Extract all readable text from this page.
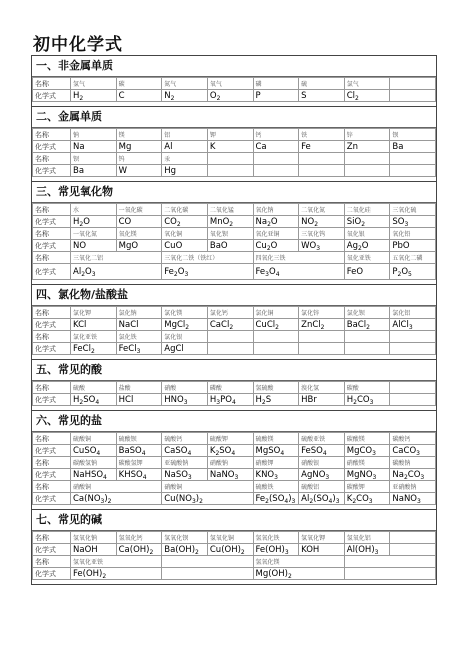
初中化学式
一、非金属单质
名称	氢气	碳	氮气	氧气	磷	硫	氯气	
化学式	$H_2$	C	$N_2$	$O_2$	P	S	$Cl_2$	
二、金属单质
名称	钠	镁	铝	钾	钙	铁	锌	钡
化学式	Na	Mg	Al	K	Ca	Fe	Zn	Ba
名称	钡	钨	汞					
化学式	Ba	W	Hg					
三、常见氧化物
名称	水	一氧化碳	二氧化碳	二氧化锰	氧化钠	二氧化氮	二氧化硅	三氧化硫
化学式	$H_2O$	CO	$CO_2$	MnO$_2$	$Na_2O$	$NO_2$	SiO$_2$	$SO_3$
名称	一氧化氮	氧化镁	氧化铜	氧化钡	氧化亚铜	三氧化钨	氧化银	氧化铅
化学式	NO	MgO	CuO	BaO	$Cu_2O$	$WO_3$	$Ag_2O$	PbO
名称	三氧化二铝		三氧化二铁（铁红）		四氧化三铁		氧化亚铁	五氧化二磷
化学式	$Al_2O_3$		$Fe_2O_3$		$Fe_3O_4$		FeO	$P_2O_5$
四、氯化物/盐酸盐
名称	氯化钾	氯化钠	氯化镁	氯化钙	氯化铜	氯化锌	氯化钡	氯化铝
化学式	KCl	NaCl	MgCl$_2$	CaCl$_2$	CuCl$_2$	ZnCl$_2$	BaCl$_2$	AlCl$_3$
名称	氯化亚铁	氯化铁	氯化银					
化学式	FeCl$_2$	FeCl$_3$	AgCl					
五、常见的酸
名称	硫酸	盐酸	硝酸	磷酸	氢硫酸	溴化氢	碳酸	
化学式	$H_2SO_4$	HCl	$HNO_3$	$H_3PO_4$	$H_2S$	HBr	$H_2CO_3$	
六、常见的盐
名称	硫酸铜	硫酸钡	硫酸钙	硫酸钾	硫酸镁	硫酸亚铁	碳酸镁	碳酸钙
化学式	CuSO$_4$	BaSO$_4$	CaSO$_4$	$K_2SO_4$	MgSO$_4$	FeSO$_4$	MgCO$_3$	CaCO$_3$
名称	碳酸氢钠	碳酸氢钾	亚硫酸钠	硝酸钠	硝酸钾	硝酸银	硝酸镁	碳酸钠
化学式	NaHSO$_4$	$KHSO_4$	NaSO$_3$	NaNO$_3$	$KNO_3$	AgNO$_3$	MgNO$_3$	$Na_2CO_3$
名称	硝酸铜		硝酸铜		硫酸铁	硫酸铝	碳酸钾	亚硝酸钠
化学式	$Ca(NO_3)_2$		$Cu(NO_3)_2$		$Fe_2(SO_4)_3$	$Al_2(SO_4)_3$	$K_2CO_3$	NaNO$_3$
七、常见的碱
名称	氢氧化钠	氢氧化钙	氢氧化钡	氢氧化铜	氢氧化铁	氢氧化钾	氢氧化铝	
化学式	NaOH	$Ca(OH)_2$	$Ba(OH)_2$	$Cu(OH)_2$	$Fe(OH)_3$	KOH	$Al(OH)_3$	
名称	氢氧化亚铁				氢氧化镁			
化学式	$Fe(OH)_2$				$Mg(OH)_2$	
